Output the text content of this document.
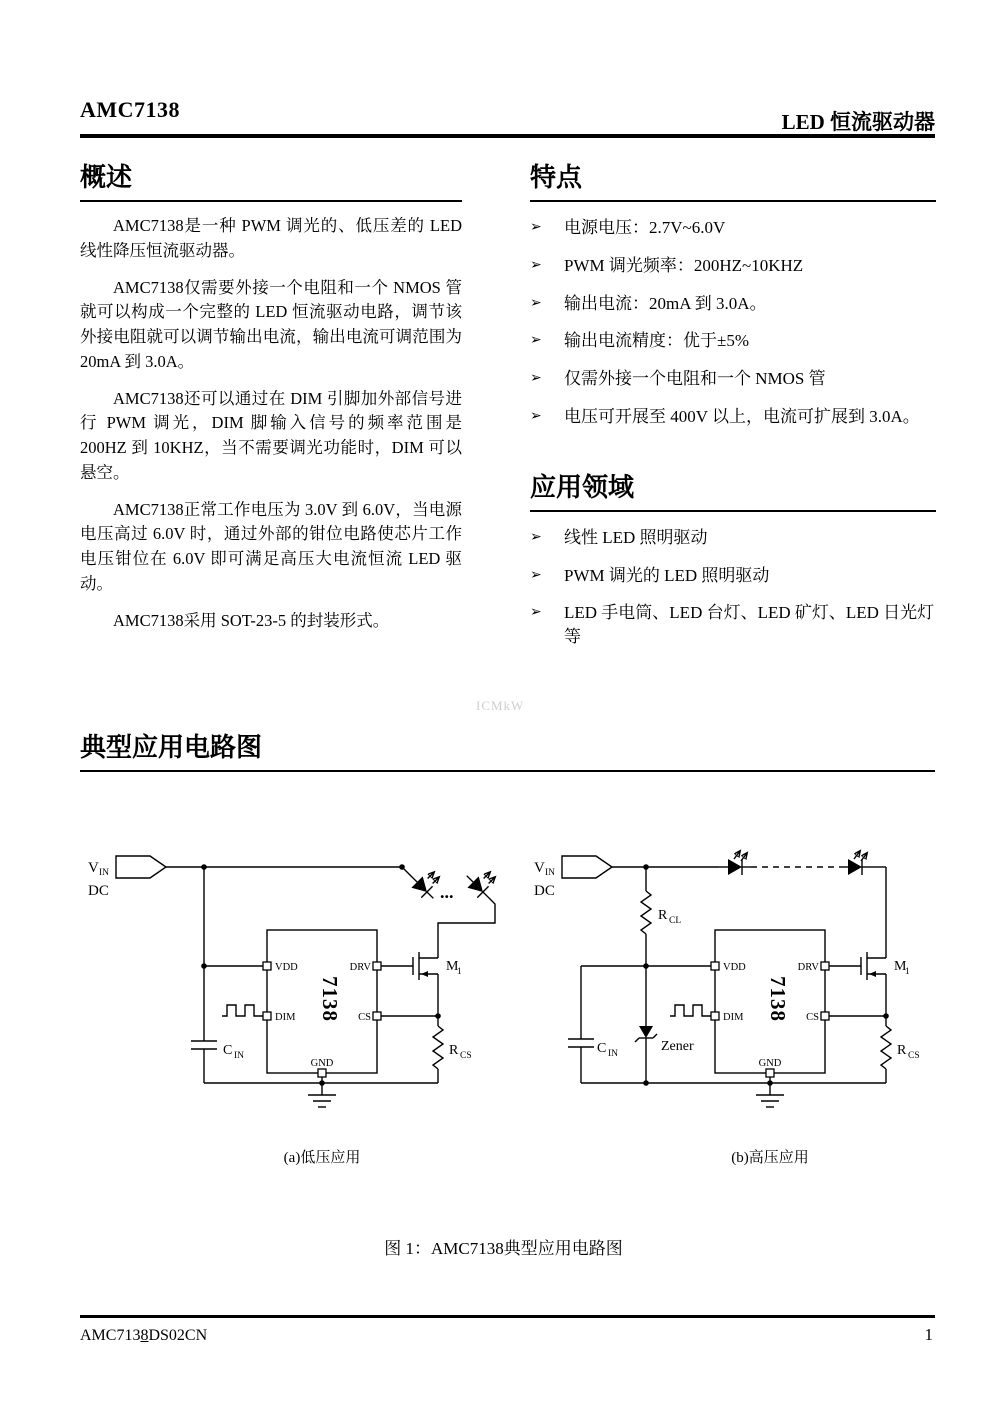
AMC7138	LED 恒流驱动器
概述

AMC7138是一种 PWM 调光的、低压差的 LED 线性降压恒流驱动器。

AMC7138仅需要外接一个电阻和一个 NMOS 管就可以构成一个完整的 LED 恒流驱动电路，调节该外接电阻就可以调节输出电流，输出电流可调范围为 20mA 到 3.0A。

AMC7138还可以通过在 DIM 引脚加外部信号进行 PWM 调光，DIM 脚输入信号的频率范围是 200HZ 到 10KHZ，当不需要调光功能时，DIM 可以悬空。

AMC7138正常工作电压为 3.0V 到 6.0V，当电源电压高过 6.0V 时，通过外部的钳位电路使芯片工作电压钳位在 6.0V 即可满足高压大电流恒流 LED 驱动。

AMC7138采用 SOT-23-5 的封装形式。

特点
➢	电源电压：2.7V~6.0V
➢	PWM 调光频率：200HZ~10KHZ
➢	输出电流：20mA 到 3.0A。
➢	输出电流精度：优于±5%
➢	仅需外接一个电阻和一个 NMOS 管
➢	电压可开展至 400V 以上，电流可扩展到 3.0A。
应用领域
➢	线性 LED 照明驱动
➢	PWM 调光的 LED 照明驱动
➢	LED 手电筒、LED 台灯、LED 矿灯、LED 日光灯等
典型应用电路图
ICMkW
V IN
DC
C IN
7138
VDD
DIM
DRV
CS
GND
...
M
1
R CS
(a)低压应用
V IN
DC
R CL
C IN	Zener
7138
VDD
DIM
DRV
CS
GND
M
1
R CS
(b)高压应用
图 1：AMC7138典型应用电路图
AMC7138DS02CN	1
